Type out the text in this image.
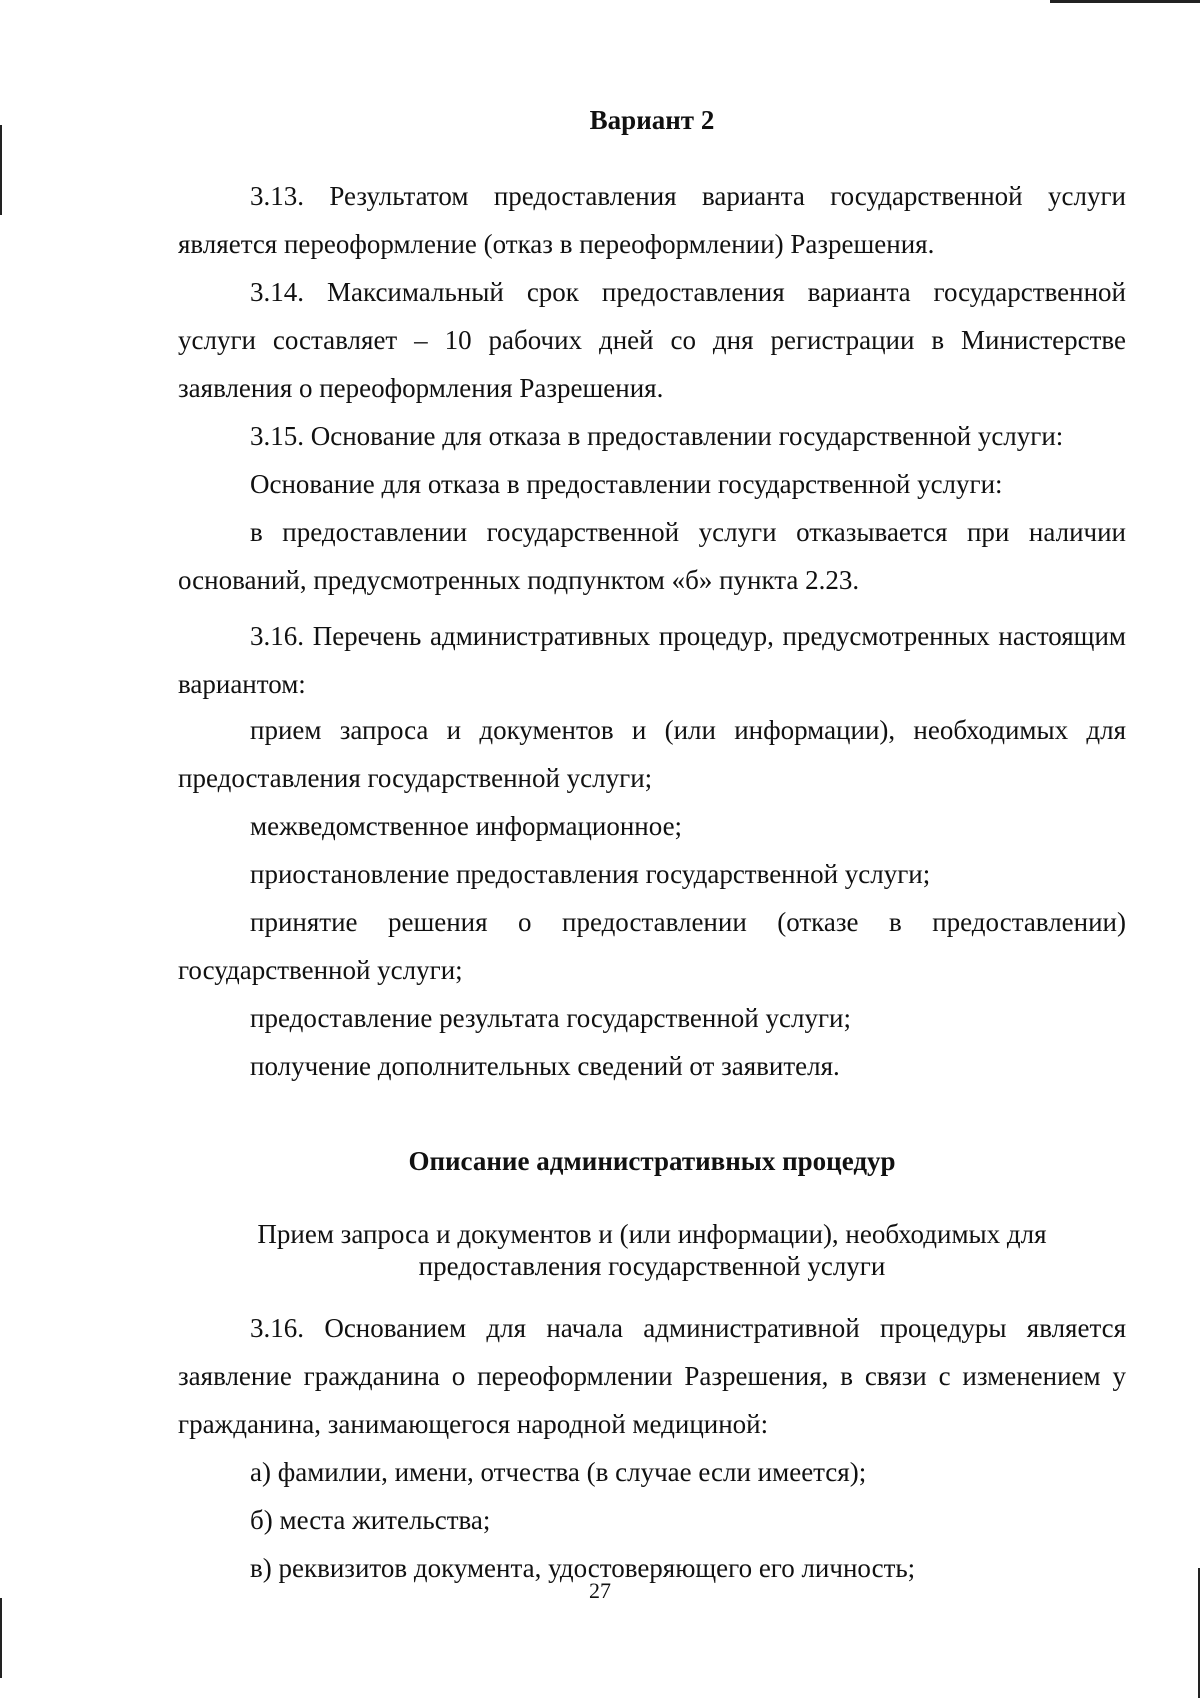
Вариант 2

3.13. Результатом предоставления варианта государственной услуги является переоформление (отказ в переоформлении) Разрешения.

3.14. Максимальный срок предоставления варианта государственной услуги составляет – 10 рабочих дней со дня регистрации в Министерстве заявления о переоформления Разрешения.

3.15. Основание для отказа в предоставлении государственной услуги:

Основание для отказа в предоставлении государственной услуги:

в предоставлении государственной услуги отказывается при наличии оснований, предусмотренных подпунктом «б» пункта 2.23.

3.16. Перечень административных процедур, предусмотренных настоящим вариантом:

прием запроса и документов и (или информации), необходимых для предоставления государственной услуги;

межведомственное информационное;

приостановление предоставления государственной услуги;

принятие решения о предоставлении (отказе в предоставлении) государственной услуги;

предоставление результата государственной услуги;

получение дополнительных сведений от заявителя.

Описание административных процедур

Прием запроса и документов и (или информации), необходимых для

предоставления государственной услуги

3.16. Основанием для начала административной процедуры является заявление гражданина о переоформлении Разрешения, в связи с изменением у гражданина, занимающегося народной медициной:

а) фамилии, имени, отчества (в случае если имеется);

б) места жительства;

в) реквизитов документа, удостоверяющего его личность;

27
